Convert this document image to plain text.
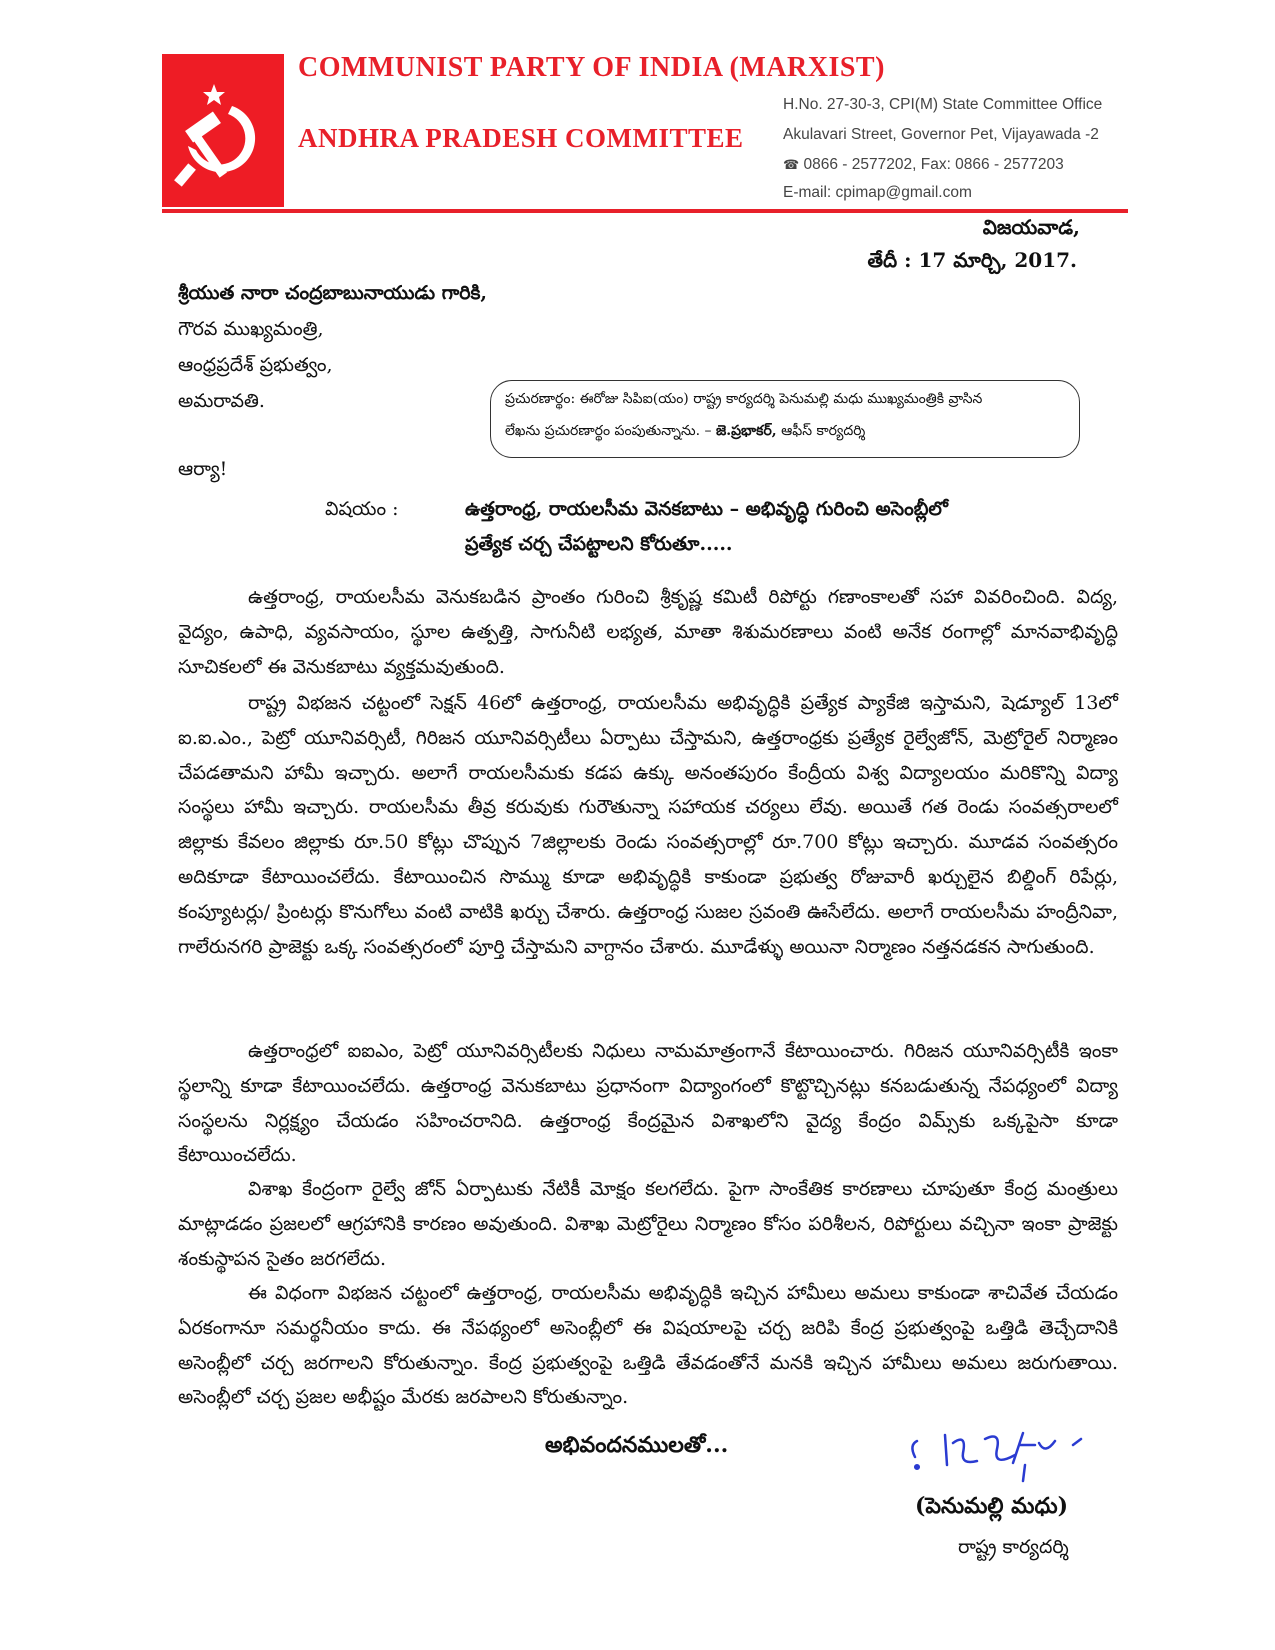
COMMUNIST PARTY OF INDIA (MARXIST)
ANDHRA PRADESH COMMITTEE
H.No. 27-30-3, CPI(M) State Committee Office
Akulavari Street, Governor Pet, Vijayawada -2
☎ 0866 - 2577202, Fax: 0866 - 2577203
E-mail: cpimap@gmail.com
విజయవాడ,
తేదీ : 17 మార్చి, 2017.
శ్రీయుత నారా చంద్రబాబునాయుడు గారికి,
గౌరవ ముఖ్యమంత్రి,
ఆంధ్రప్రదేశ్ ప్రభుత్వం,
అమరావతి.	ప్రచురణార్థం: ఈరోజు సిపిఐ(యం) రాష్ట్ర కార్యదర్శి పెనుమల్లి మధు ముఖ్యమంత్రికి వ్రాసిన
లేఖను ప్రచురణార్థం పంపుతున్నాను. – జె.ప్రభాకర్, ఆఫీస్ కార్యదర్శి
ఆర్యా!
విషయం :	ఉత్తరాంధ్ర, రాయలసీమ వెనకబాటు – అభివృద్ధి గురించి అసెంబ్లీలో
ప్రత్యేక చర్చ చేపట్టాలని కోరుతూ.....
ఉత్తరాంధ్ర, రాయలసీమ వెనుకబడిన ప్రాంతం గురించి శ్రీకృష్ణ కమిటీ రిపోర్టు గణాంకాలతో సహా వివరించింది. విద్య, వైద్యం, ఉపాధి, వ్యవసాయం, స్థూల ఉత్పత్తి, సాగునీటి లభ్యత, మాతా శిశుమరణాలు వంటి అనేక రంగాల్లో మానవాభివృద్ధి సూచికలలో ఈ వెనుకబాటు వ్యక్తమవుతుంది.
రాష్ట్ర విభజన చట్టంలో సెక్షన్ 46లో ఉత్తరాంధ్ర, రాయలసీమ అభివృద్ధికి ప్రత్యేక ప్యాకేజి ఇస్తామని, షెడ్యూల్ 13లో ఐ.ఐ.ఎం., పెట్రో యూనివర్సిటీ, గిరిజన యూనివర్సిటీలు ఏర్పాటు చేస్తామని, ఉత్తరాంధ్రకు ప్రత్యేక రైల్వేజోన్, మెట్రోరైల్ నిర్మాణం చేపడతామని హామీ ఇచ్చారు. అలాగే రాయలసీమకు కడప ఉక్కు అనంతపురం కేంద్రీయ విశ్వ విద్యాలయం మరికొన్ని విద్యా సంస్థలు హామీ ఇచ్చారు. రాయలసీమ తీవ్ర కరువుకు గురౌతున్నా సహాయక చర్యలు లేవు. అయితే గత రెండు సంవత్సరాలలో జిల్లాకు కేవలం జిల్లాకు రూ.50 కోట్లు చొప్పున 7జిల్లాలకు రెండు సంవత్సరాల్లో రూ.700 కోట్లు ఇచ్చారు. మూడవ సంవత్సరం అదికూడా కేటాయించలేదు. కేటాయించిన సొమ్ము కూడా అభివృద్ధికి కాకుండా ప్రభుత్వ రోజువారీ ఖర్చులైన బిల్డింగ్ రిపేర్లు, కంప్యూటర్లు/ ప్రింటర్లు కొనుగోలు వంటి వాటికి ఖర్చు చేశారు. ఉత్తరాంధ్ర సుజల స్రవంతి ఊసేలేదు. అలాగే రాయలసీమ హంద్రీనివా, గాలేరునగరి ప్రాజెక్టు ఒక్క సంవత్సరంలో పూర్తి చేస్తామని వాగ్దానం చేశారు. మూడేళ్ళు అయినా నిర్మాణం నత్తనడకన సాగుతుంది.
ఉత్తరాంధ్రలో ఐఐఎం, పెట్రో యూనివర్సిటీలకు నిధులు నామమాత్రంగానే కేటాయించారు. గిరిజన యూనివర్సిటీకి ఇంకా స్థలాన్ని కూడా కేటాయించలేదు. ఉత్తరాంధ్ర వెనుకబాటు ప్రధానంగా విద్యాంగంలో కొట్టొచ్చినట్లు కనబడుతున్న నేపధ్యంలో విద్యా సంస్థలను నిర్లక్ష్యం చేయడం సహించరానిది. ఉత్తరాంధ్ర కేంద్రమైన విశాఖలోని వైద్య కేంద్రం విమ్స్‌కు ఒక్కపైసా కూడా కేటాయించలేదు.
విశాఖ కేంద్రంగా రైల్వే జోన్ ఏర్పాటుకు నేటికీ మోక్షం కలగలేదు. పైగా సాంకేతిక కారణాలు చూపుతూ కేంద్ర మంత్రులు మాట్లాడడం ప్రజలలో ఆగ్రహానికి కారణం అవుతుంది. విశాఖ మెట్రోరైలు నిర్మాణం కోసం పరిశీలన, రిపోర్టులు వచ్చినా ఇంకా ప్రాజెక్టు శంకుస్థాపన సైతం జరగలేదు.
ఈ విధంగా విభజన చట్టంలో ఉత్తరాంధ్ర, రాయలసీమ అభివృద్ధికి ఇచ్చిన హామీలు అమలు కాకుండా శాచివేత చేయడం ఏరకంగానూ సమర్థనీయం కాదు. ఈ నేపథ్యంలో అసెంబ్లీలో ఈ విషయాలపై చర్చ జరిపి కేంద్ర ప్రభుత్వంపై ఒత్తిడి తెచ్చేదానికి అసెంబ్లీలో చర్చ జరగాలని కోరుతున్నాం. కేంద్ర ప్రభుత్వంపై ఒత్తిడి తేవడంతోనే మనకి ఇచ్చిన హామీలు అమలు జరుగుతాయి. అసెంబ్లీలో చర్చ ప్రజల అభీష్టం మేరకు జరపాలని కోరుతున్నాం.
అభివందనములతో...
(పెనుమల్లి మధు)
రాష్ట్ర కార్యదర్శి
